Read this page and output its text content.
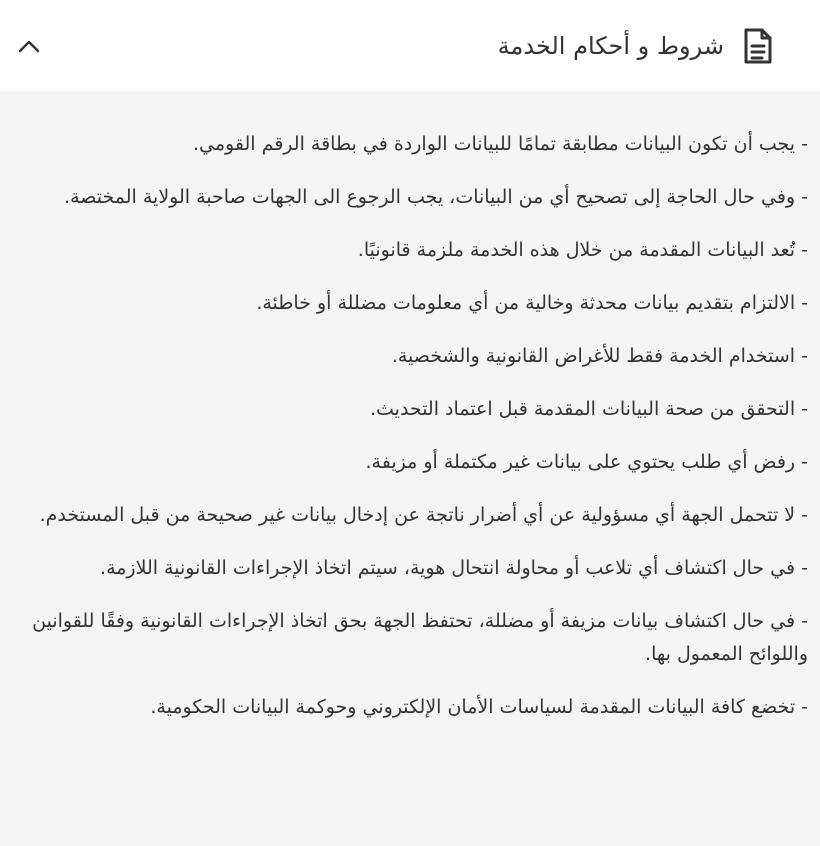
شروط و أحكام الخدمة
- يجب أن تكون البيانات مطابقة تمامًا للبيانات الواردة في بطاقة الرقم القومي.
- وفي حال الحاجة إلى تصحيح أي من البيانات، يجب الرجوع الى الجهات صاحبة الولاية المختصة.
- تُعد البيانات المقدمة من خلال هذه الخدمة ملزمة قانونيًا.
- الالتزام بتقديم بيانات محدثة وخالية من أي معلومات مضللة أو خاطئة.
- استخدام الخدمة فقط للأغراض القانونية والشخصية.
- التحقق من صحة البيانات المقدمة قبل اعتماد التحديث.
- رفض أي طلب يحتوي على بيانات غير مكتملة أو مزيفة.
- لا تتحمل الجهة أي مسؤولية عن أي أضرار ناتجة عن إدخال بيانات غير صحيحة من قبل المستخدم.
- في حال اكتشاف أي تلاعب أو محاولة انتحال هوية، سيتم اتخاذ الإجراءات القانونية اللازمة.
- في حال اكتشاف بيانات مزيفة أو مضللة، تحتفظ الجهة بحق اتخاذ الإجراءات القانونية وفقًا للقوانين واللوائح المعمول بها.
- تخضع كافة البيانات المقدمة لسياسات الأمان الإلكتروني وحوكمة البيانات الحكومية.
